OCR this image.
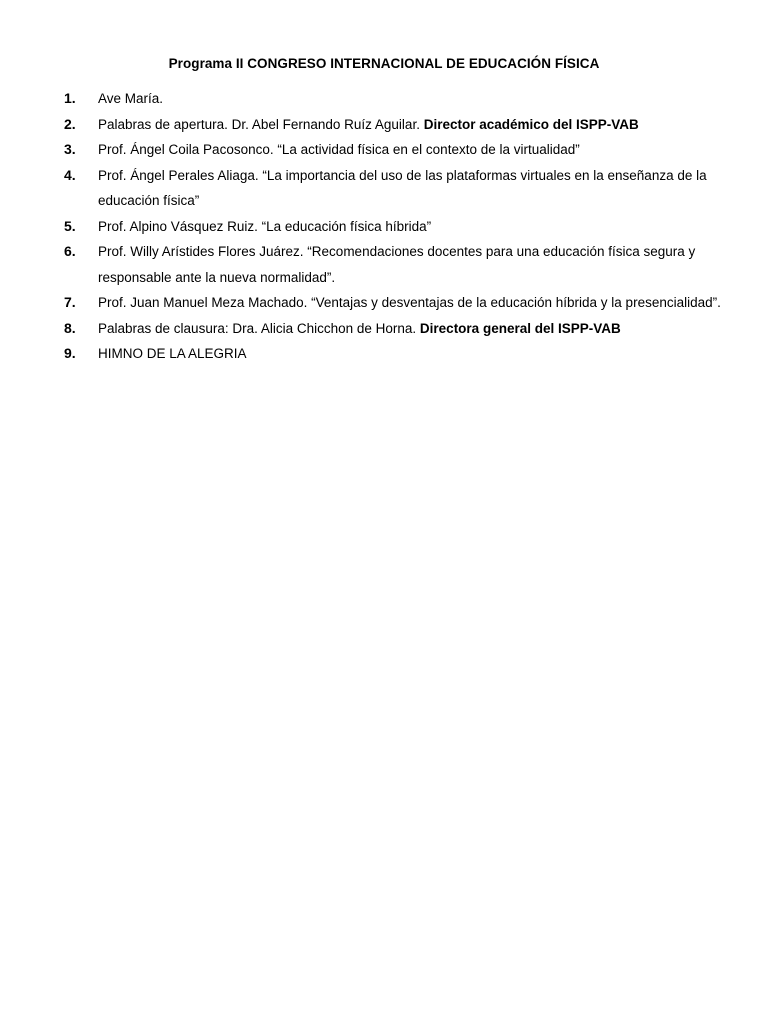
Programa II CONGRESO INTERNACIONAL DE EDUCACIÓN FÍSICA
1. Ave María.
2. Palabras de apertura. Dr. Abel Fernando Ruíz Aguilar. Director académico del ISPP-VAB
3. Prof. Ángel Coila Pacosonco. “La actividad física en el contexto de la virtualidad”
4. Prof. Ángel Perales Aliaga. “La importancia del uso de las plataformas virtuales en la enseñanza de la educación física”
5. Prof. Alpino Vásquez Ruiz. “La educación física híbrida”
6. Prof. Willy Arístides Flores Juárez. “Recomendaciones docentes para una educación física segura y responsable ante la nueva normalidad”.
7. Prof. Juan Manuel Meza Machado. “Ventajas y desventajas de la educación híbrida y la presencialidad”.
8. Palabras de clausura: Dra. Alicia Chicchon de Horna. Directora general del ISPP-VAB
9. HIMNO DE LA ALEGRIA
